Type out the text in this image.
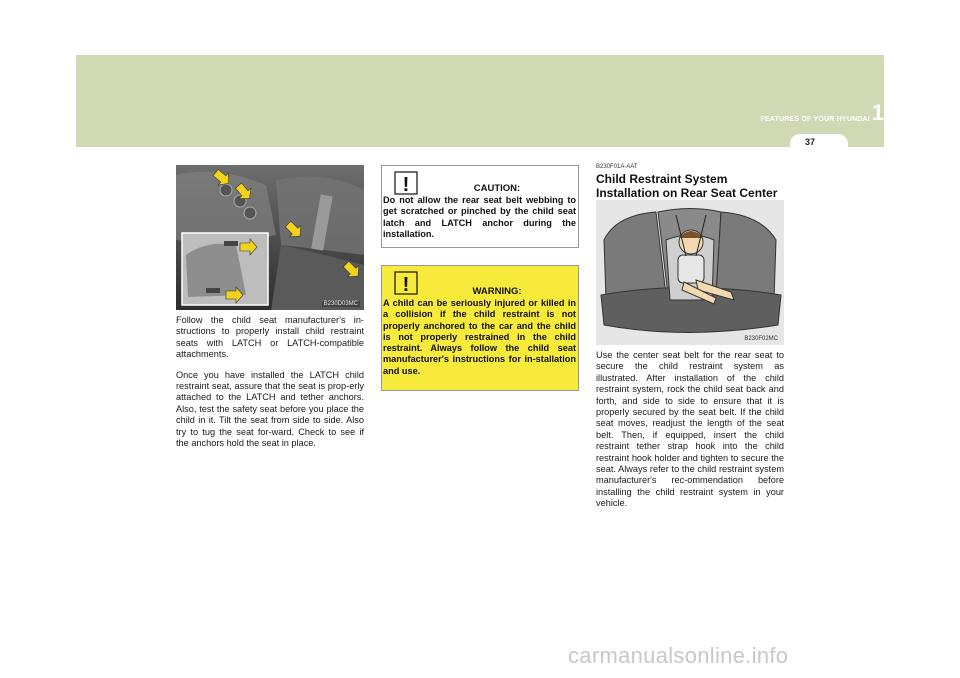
FEATURES OF YOUR HYUNDAI 1
37
B230D03MC

Follow the child seat manufacturer's in-structions to properly install child restraint seats with LATCH or LATCH-compatible attachments.

Once you have installed the LATCH child restraint seat, assure that the seat is prop-erly attached to the LATCH and tether anchors. Also, test the safety seat before you place the child in it. Tilt the seat from side to side. Also try to tug the seat for-ward. Check to see if the anchors hold the seat in place.

!	CAUTION:
Do not allow the rear seat belt webbing to get scratched or pinched by the child seat latch and LATCH anchor during the installation.
!	WARNING:
A child can be seriously injured or killed in a collision if the child restraint is not properly anchored to the car and the child is not properly restrained in the child restraint. Always follow the child seat manufacturer's instructions for in-stallation and use.
B230F01A-AAT
Child Restraint System Installation on Rear Seat Center
B230F02MC

Use the center seat belt for the rear seat to secure the child restraint system as illustrated. After installation of the child restraint system, rock the child seat back and forth, and side to side to ensure that it is properly secured by the seat belt. If the child seat moves, readjust the length of the seat belt. Then, if equipped, insert the child restraint tether strap hook into the child restraint hook holder and tighten to secure the seat. Always refer to the child restraint system manufacturer's rec-ommendation before installing the child restraint system in your vehicle.

carmanualsonline.info
